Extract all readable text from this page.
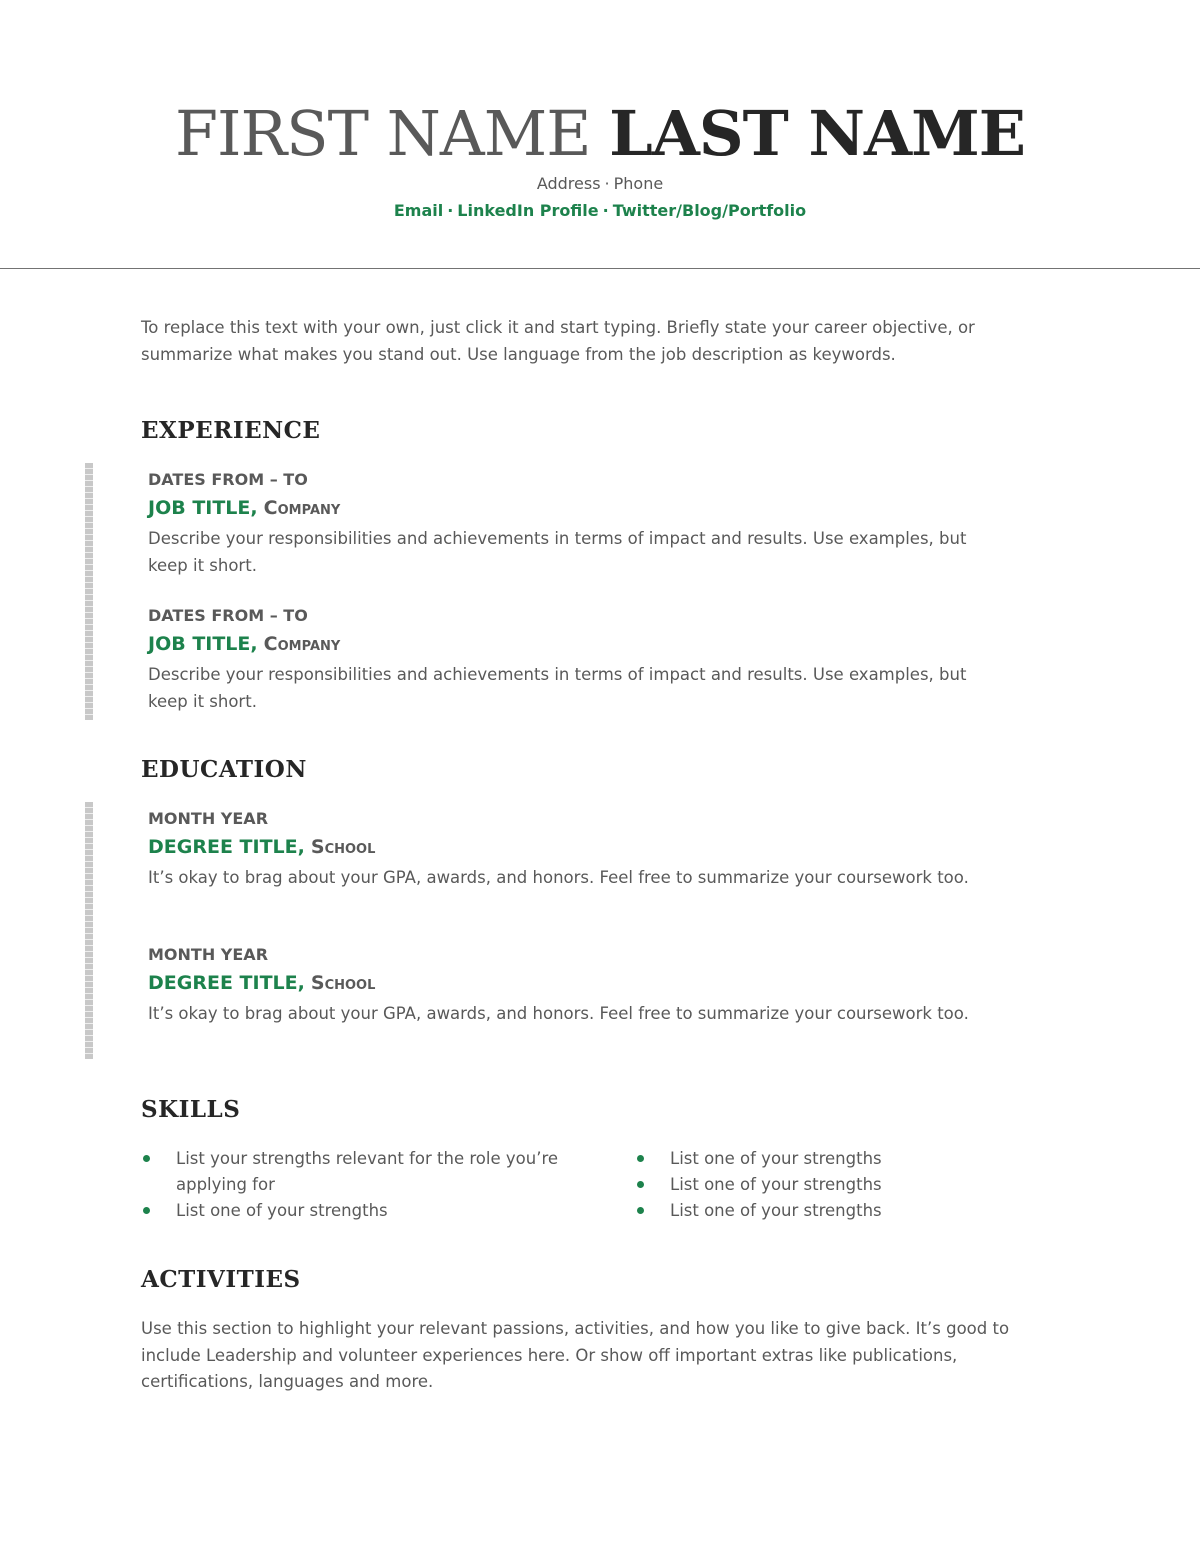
FIRST NAME LAST NAME
Address · Phone
Email · LinkedIn Profile · Twitter/Blog/Portfolio
To replace this text with your own, just click it and start typing. Briefly state your career objective, or summarize what makes you stand out. Use language from the job description as keywords.
EXPERIENCE
DATES FROM – TO
JOB TITLE, Company
Describe your responsibilities and achievements in terms of impact and results. Use examples, but keep it short.
DATES FROM – TO
JOB TITLE, Company
Describe your responsibilities and achievements in terms of impact and results. Use examples, but keep it short.
EDUCATION
MONTH YEAR
DEGREE TITLE, School
It’s okay to brag about your GPA, awards, and honors. Feel free to summarize your coursework too.
MONTH YEAR
DEGREE TITLE, School
It’s okay to brag about your GPA, awards, and honors. Feel free to summarize your coursework too.
SKILLS
List your strengths relevant for the role you’re applying for
List one of your strengths
List one of your strengths
List one of your strengths
List one of your strengths
ACTIVITIES
Use this section to highlight your relevant passions, activities, and how you like to give back. It’s good to include Leadership and volunteer experiences here. Or show off important extras like publications, certifications, languages and more.
